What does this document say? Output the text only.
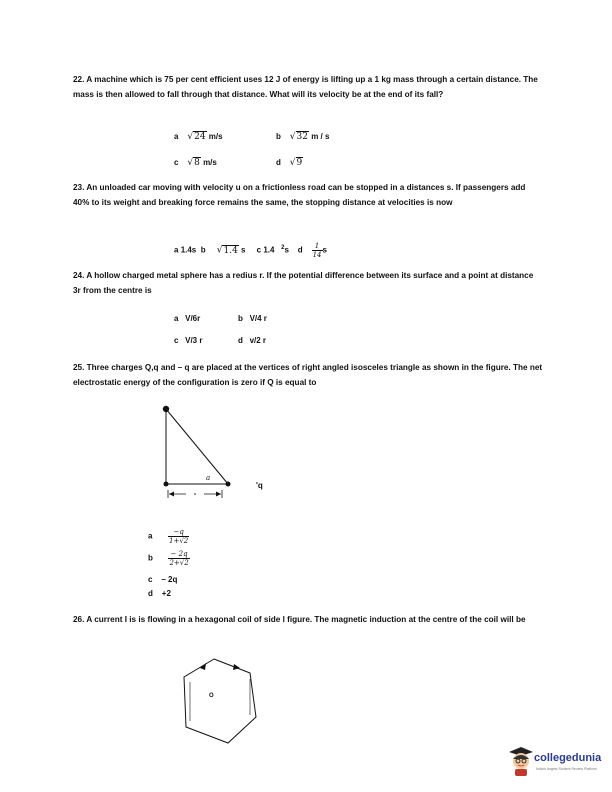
22. A machine which is 75 per cent efficient uses 12 J of energy is lifting up a 1 kg mass through a certain distance. The mass is then allowed to fall through that distance. What will its velocity be at the end of its fall?
a √24 m/s	b √32 m / s
c √8 m/s	d √9
23. An unloaded car moving with velocity u on a frictionless road can be stopped in a distances s. If passengers add 40% to its weight and breaking force remains the same, the stopping distance at velocities is now
a 1.4s b √1.4 s c 1.4 $^2$s d $\frac{1}{14}$ s
24. A hollow charged metal sphere has a redius r. If the potential difference between its surface and a point at distance 3r from the centre is
a V/6r	b V/4 r
c V/3 r	d v/2 r
25. Three charges Q,q and – q are placed at the vertices of right angled isosceles triangle as shown in the figure. The net electrostatic energy of the configuration is zero if Q is equal to
a
'q
a $\frac{-q}{1+√2}$
b $\frac{- 2q}{2+√2}$
c – 2q
d +2
26. A current I is is flowing in a hexagonal coil of side l figure. The magnetic induction at the centre of the coil will be
O
collegedunia
India's largest Student Review Platform
